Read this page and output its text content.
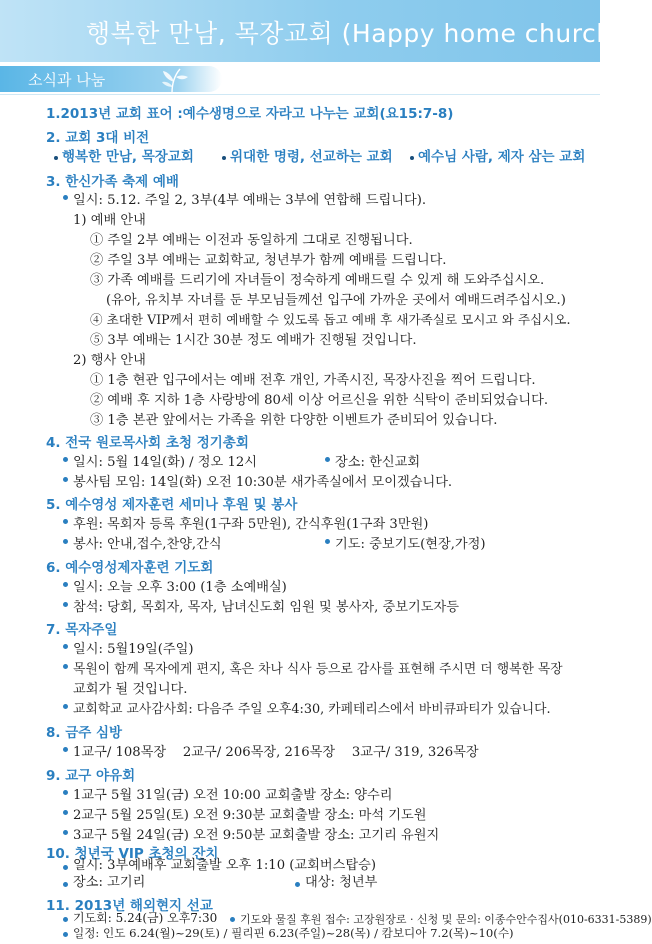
행복한 만남, 목장교회 (Happy home church)
소식과 나눔
1.2013년 교회 표어 :예수생명으로 자라고 나누는 교회(요15:7-8)
2. 교회 3대 비전
행복한 만남, 목장교회	위대한 명령, 선교하는 교회 예수님 사람, 제자 삼는 교회
3. 한신가족 축제 예배
일시: 5.12. 주일 2, 3부(4부 예배는 3부에 연합해 드립니다).
1) 예배 안내
① 주일 2부 예배는 이전과 동일하게 그대로 진행됩니다.
② 주일 3부 예배는 교회학교, 청년부가 함께 예배를 드립니다.
③ 가족 예배를 드리기에 자녀들이 정숙하게 예배드릴 수 있게 해 도와주십시오.
(유아, 유치부 자녀를 둔 부모님들께선 입구에 가까운 곳에서 예배드려주십시오.)
④ 초대한 VIP께서 편히 예배할 수 있도록 돕고 예배 후 새가족실로 모시고 와 주십시오.
⑤ 3부 예배는 1시간 30분 정도 예배가 진행될 것입니다.
2) 행사 안내
① 1층 현관 입구에서는 예배 전후 개인, 가족시진, 목장사진을 찍어 드립니다.
② 예배 후 지하 1층 사랑방에 80세 이상 어르신을 위한 식탁이 준비되었습니다.
③ 1층 본관 앞에서는 가족을 위한 다양한 이벤트가 준비되어 있습니다.
4. 전국 원로목사회 초청 정기총회
일시: 5월 14일(화) / 정오 12시	장소: 한신교회
봉사팀 모임: 14일(화) 오전 10:30분 새가족실에서 모이겠습니다.
5. 예수영성 제자훈련 세미나 후원 및 봉사
후원: 목회자 등록 후원(1구좌 5만원), 간식후원(1구좌 3만원)
봉사: 안내,접수,찬양,간식	기도: 중보기도(현장,가정)
6. 예수영성제자훈련 기도회
일시: 오늘 오후 3:00 (1층 소예배실)
참석: 당회, 목회자, 목자, 남녀신도회 임원 및 봉사자, 중보기도자등
7. 목자주일
일시: 5월19일(주일)
목원이 함께 목자에게 편지, 혹은 차나 식사 등으로 감사를 표현해 주시면 더 행복한 목장
교회가 될 것입니다.
교회학교 교사감사회: 다음주 주일 오후4:30, 카페테리스에서 바비큐파티가 있습니다.
8. 금주 심방
1교구/ 108목장    2교구/ 206목장, 216목장    3교구/ 319, 326목장
9. 교구 야유회
1교구 5월 31일(금) 오전 10:00 교회출발 장소: 양수리
2교구 5월 25일(토) 오전 9:30분 교회출발 장소: 마석 기도원
3교구 5월 24일(금) 오전 9:50분 교회출발 장소: 고기리 유원지
10. 청년국 VIP 초청의 잔치
일시: 3부예배후 교회출발 오후 1:10 (교회버스탑승)
장소: 고기리	대상: 청년부
11. 2013년 해외현지 선교
기도회: 5.24(금) 오후7:30
일정: 인도 6.24(월)~29(토) / 필리핀 6.23(주일)~28(목) / 캄보디아 7.2(목)~10(수)
기도와 물질 후원 접수: 고장원장로 · 신청 및 문의: 이종수안수집사(010-6331-5389)
